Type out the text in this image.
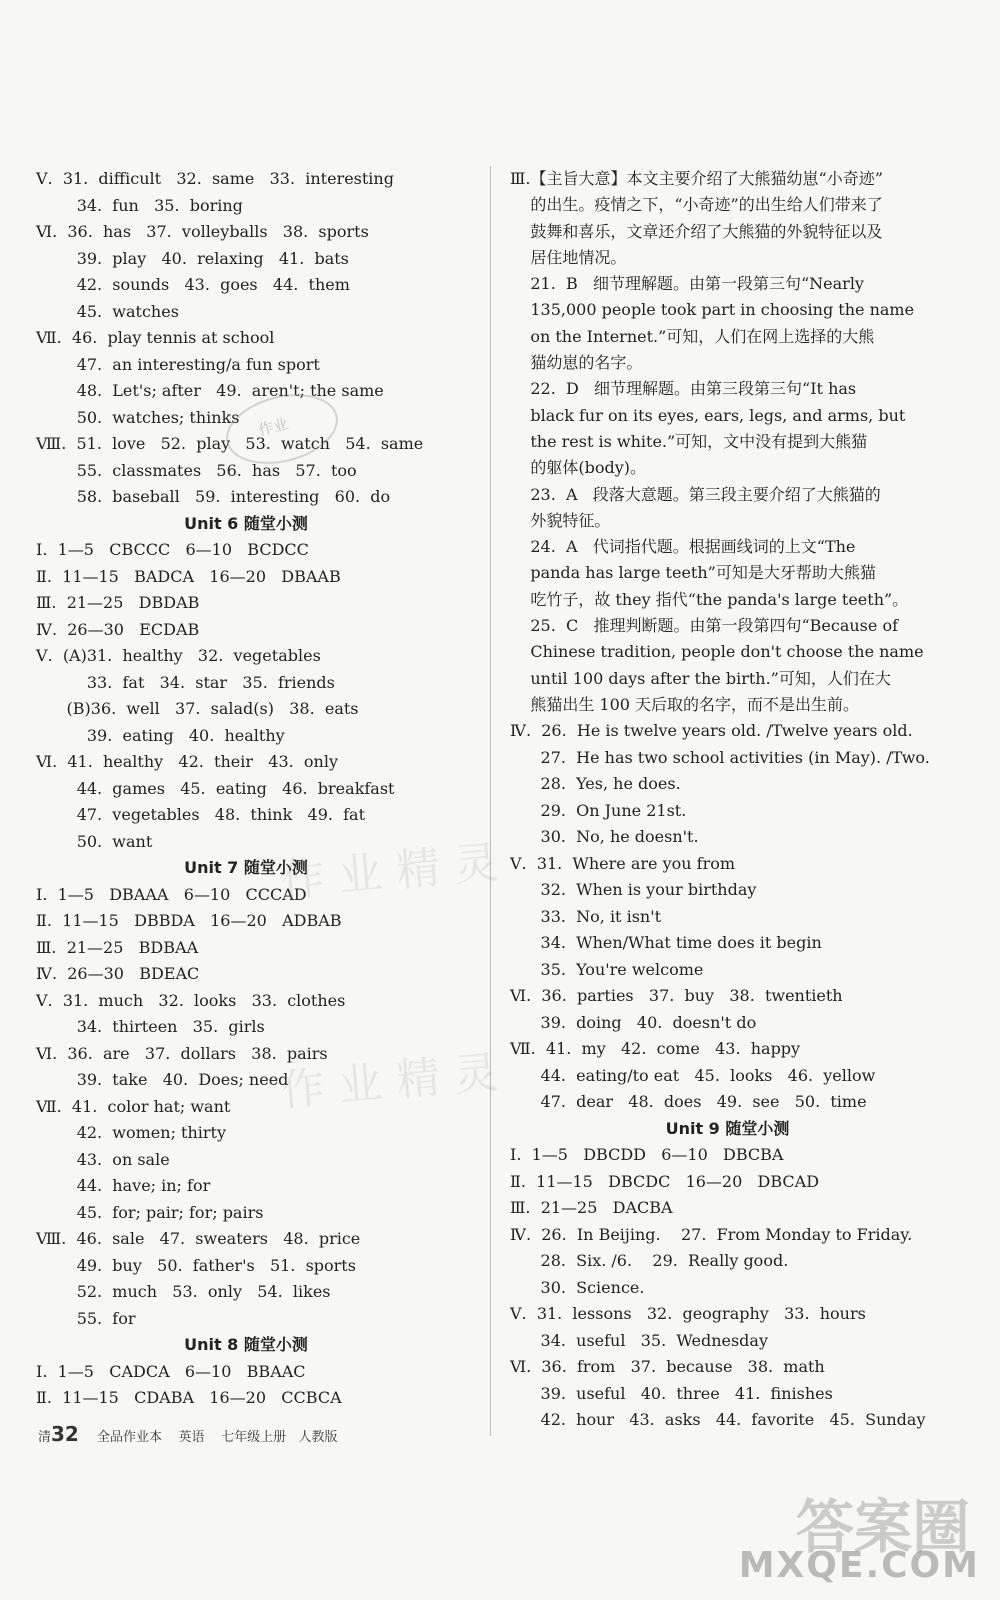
Ⅴ.  31.  difficult   32.  same   33.  interesting
34.  fun   35.  boring
Ⅵ.  36.  has   37.  volleyballs   38.  sports
39.  play   40.  relaxing   41.  bats
42.  sounds   43.  goes   44.  them
45.  watches
Ⅶ.  46.  play tennis at school
47.  an interesting/a fun sport
48.  Let's; after   49.  aren't; the same
50.  watches; thinks
Ⅷ.  51.  love   52.  play   53.  watch   54.  same
55.  classmates   56.  has   57.  too
58.  baseball   59.  interesting   60.  do
Unit 6 随堂小测
Ⅰ.  1—5   CBCCC   6—10   BCDCC
Ⅱ.  11—15   BADCA   16—20   DBAAB
Ⅲ.  21—25   DBDAB
Ⅳ.  26—30   ECDAB
Ⅴ.  (A)31.  healthy   32.  vegetables
33.  fat   34.  star   35.  friends
(B)36.  well   37.  salad(s)   38.  eats
39.  eating   40.  healthy
Ⅵ.  41.  healthy   42.  their   43.  only
44.  games   45.  eating   46.  breakfast
47.  vegetables   48.  think   49.  fat
50.  want
Unit 7 随堂小测
Ⅰ.  1—5   DBAAA   6—10   CCCAD
Ⅱ.  11—15   DBBDA   16—20   ADBAB
Ⅲ.  21—25   BDBAA
Ⅳ.  26—30   BDEAC
Ⅴ.  31.  much   32.  looks   33.  clothes
34.  thirteen   35.  girls
Ⅵ.  36.  are   37.  dollars   38.  pairs
39.  take   40.  Does; need
Ⅶ.  41.  color hat; want
42.  women; thirty
43.  on sale
44.  have; in; for
45.  for; pair; for; pairs
Ⅷ.  46.  sale   47.  sweaters   48.  price
49.  buy   50.  father's   51.  sports
52.  much   53.  only   54.  likes
55.  for
Unit 8 随堂小测
Ⅰ.  1—5   CADCA   6—10   BBAAC
Ⅱ.  11—15   CDABA   16—20   CCBCA
Ⅲ.【主旨大意】本文主要介绍了大熊猫幼崽“小奇迹”
的出生。疫情之下，“小奇迹”的出生给人们带来了
鼓舞和喜乐，文章还介绍了大熊猫的外貌特征以及
居住地情况。
21.  B   细节理解题。由第一段第三句“Nearly
135,000 people took part in choosing the name
on the Internet.”可知，人们在网上选择的大熊
猫幼崽的名字。
22.  D   细节理解题。由第三段第三句“It has
black fur on its eyes, ears, legs, and arms, but
the rest is white.”可知，文中没有提到大熊猫
的躯体(body)。
23.  A   段落大意题。第三段主要介绍了大熊猫的
外貌特征。
24.  A   代词指代题。根据画线词的上文“The
panda has large teeth”可知是大牙帮助大熊猫
吃竹子，故 they 指代“the panda's large teeth”。
25.  C   推理判断题。由第一段第四句“Because of
Chinese tradition, people don't choose the name
until 100 days after the birth.”可知，人们在大
熊猫出生 100 天后取的名字，而不是出生前。
Ⅳ.  26.  He is twelve years old. /Twelve years old.
27.  He has two school activities (in May). /Two.
28.  Yes, he does.
29.  On June 21st.
30.  No, he doesn't.
Ⅴ.  31.  Where are you from
32.  When is your birthday
33.  No, it isn't
34.  When/What time does it begin
35.  You're welcome
Ⅵ.  36.  parties   37.  buy   38.  twentieth
39.  doing   40.  doesn't do
Ⅶ.  41.  my   42.  come   43.  happy
44.  eating/to eat   45.  looks   46.  yellow
47.  dear   48.  does   49.  see   50.  time
Unit 9 随堂小测
Ⅰ.  1—5   DBCDD   6—10   DBCBA
Ⅱ.  11—15   DBCDC   16—20   DBCAD
Ⅲ.  21—25   DACBA
Ⅳ.  26.  In Beijing.    27.  From Monday to Friday.
28.  Six. /6.    29.  Really good.
30.  Science.
Ⅴ.  31.  lessons   32.  geography   33.  hours
34.  useful   35.  Wednesday
Ⅵ.  36.  from   37.  because   38.  math
39.  useful   40.  three   41.  finishes
42.  hour   43.  asks   44.  favorite   45.  Sunday
作业精灵
作业精灵
作业
清32 全品作业本 英语 七年级上册 人教版
答案圈
MXQE.COM
